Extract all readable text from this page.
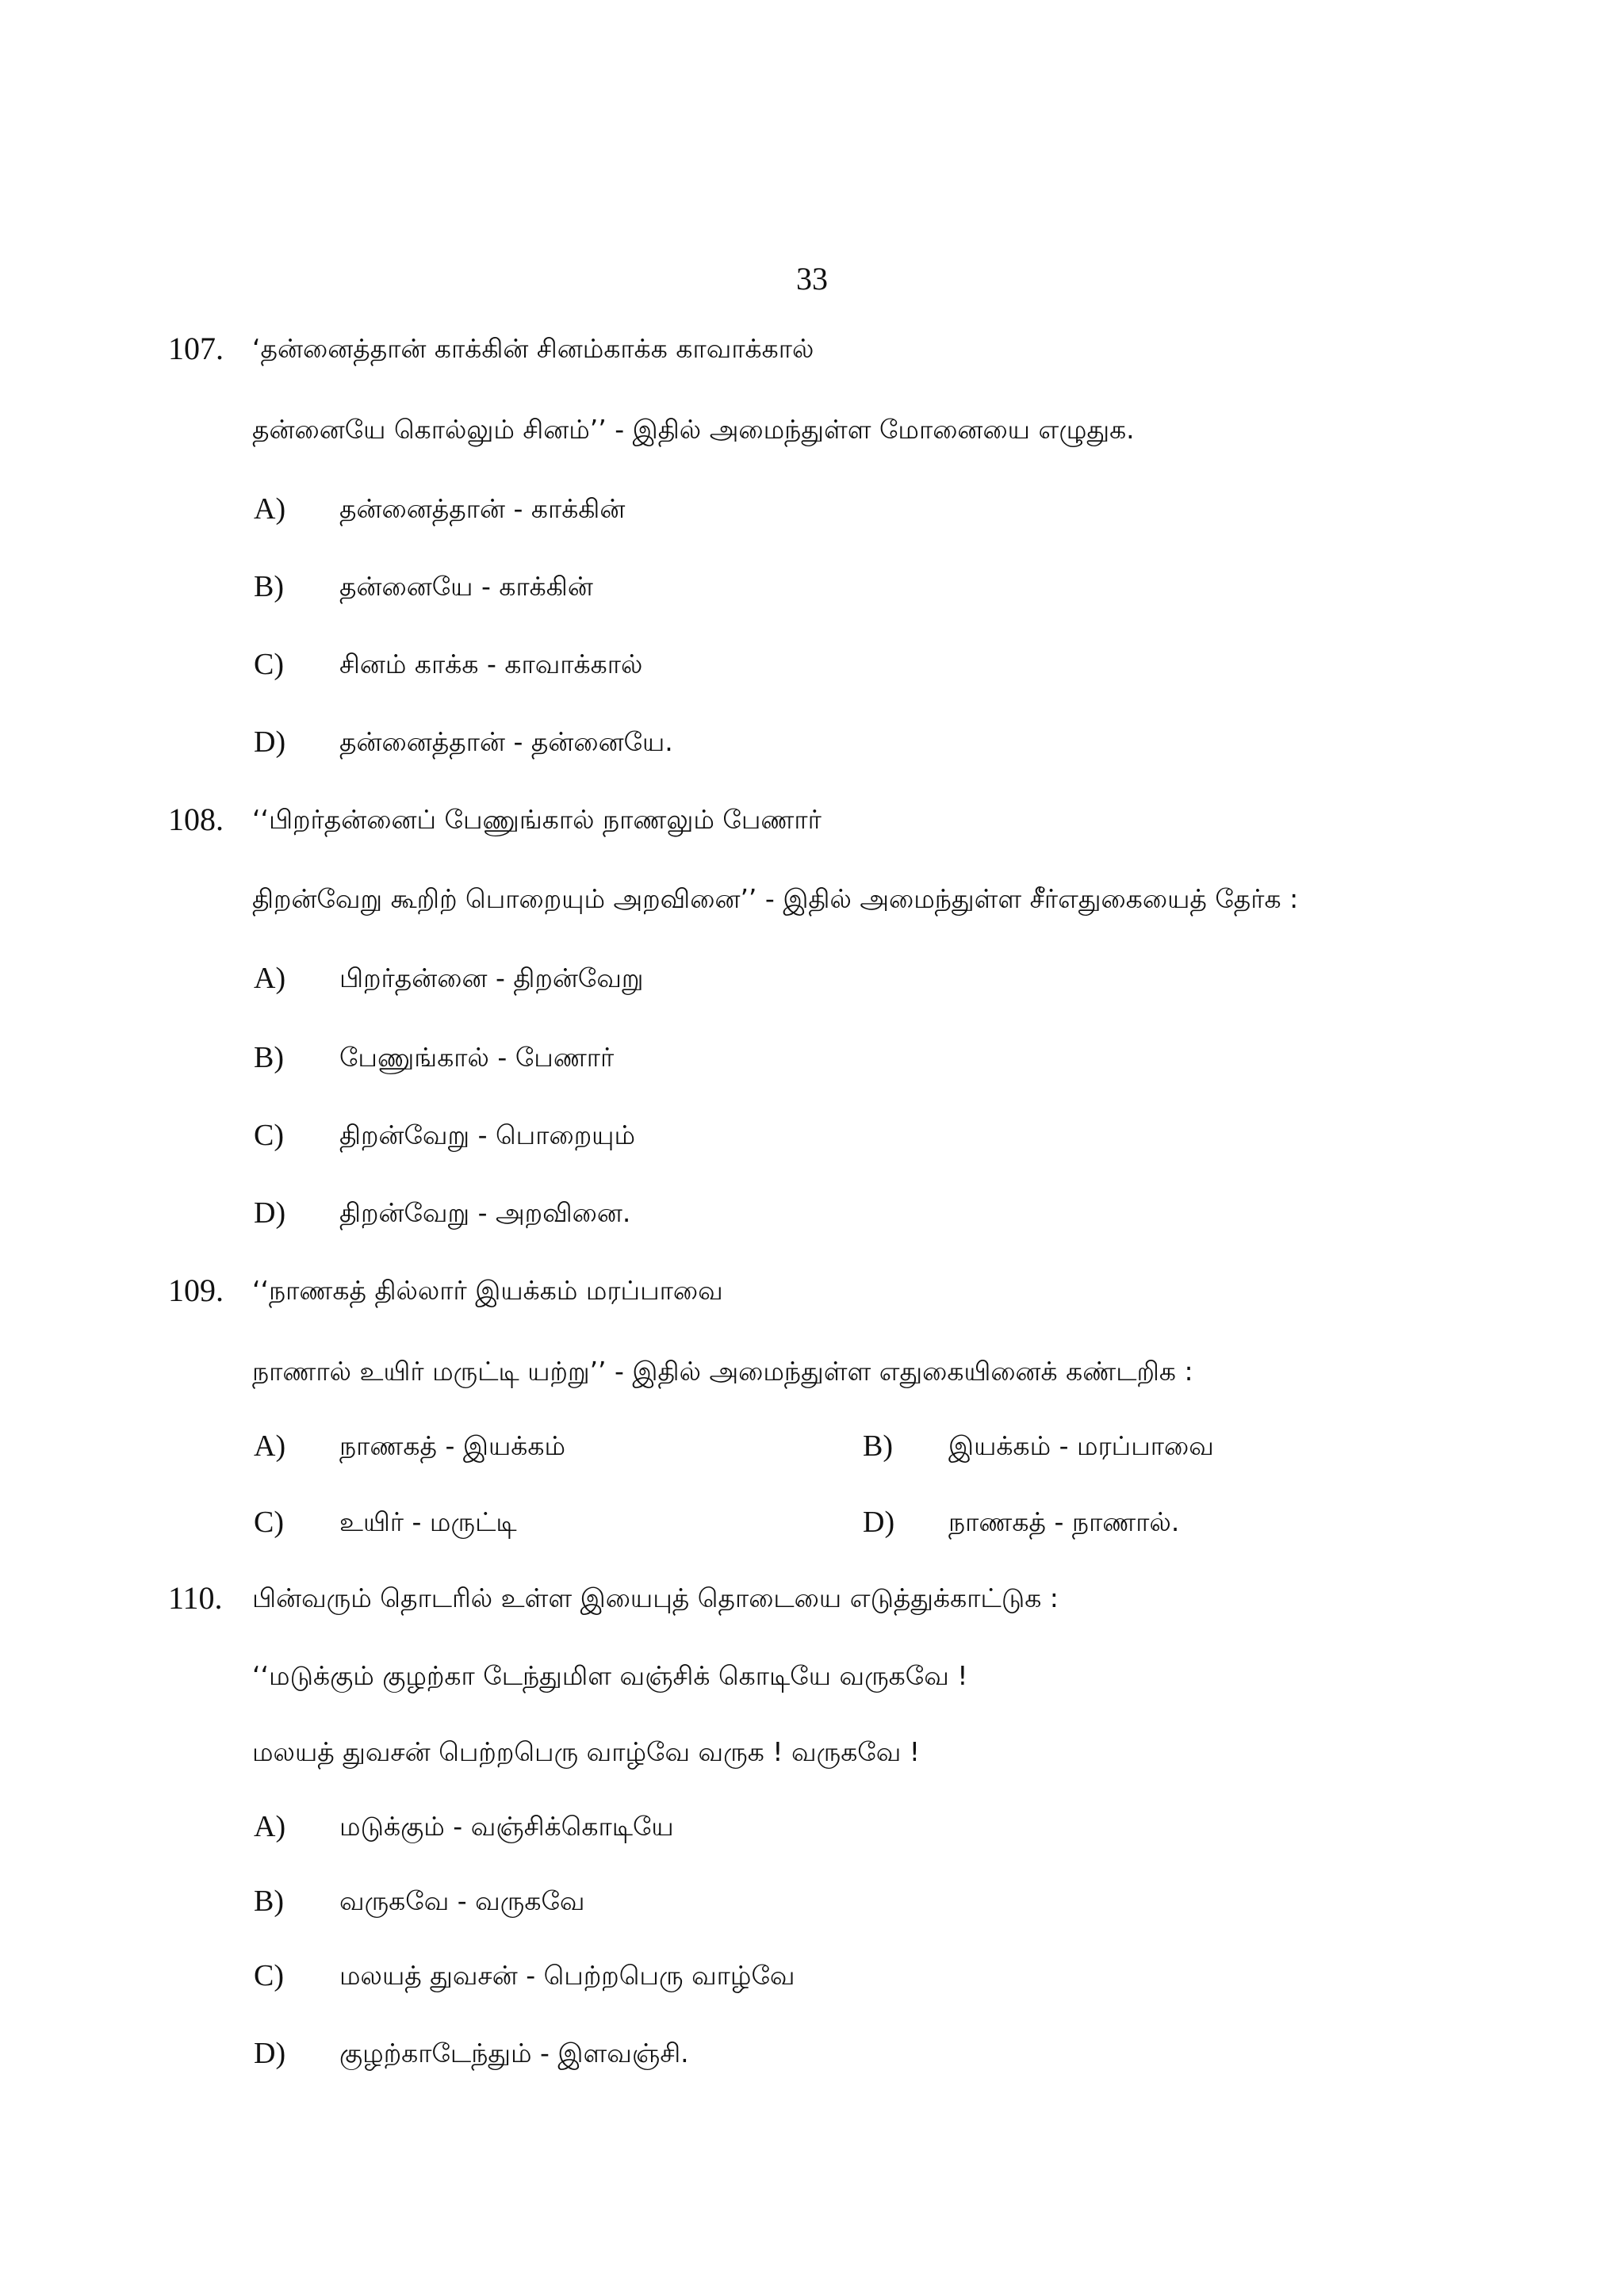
33
107.	‘தன்னைத்தான் காக்கின் சினம்காக்க காவாக்கால்
தன்னையே கொல்லும் சினம்’’ - இதில் அமைந்துள்ள மோனையை எழுதுக.
A)	தன்னைத்தான் - காக்கின்
B)	தன்னையே - காக்கின்
C)	சினம் காக்க - காவாக்கால்
D)	தன்னைத்தான் - தன்னையே.
108.	‘‘பிறர்தன்னைப் பேணுங்கால் நாணலும் பேணார்
திறன்வேறு கூறிற் பொறையும் அறவினை’’ - இதில் அமைந்துள்ள சீர்எதுகையைத் தேர்க :
A)	பிறர்தன்னை - திறன்வேறு
B)	பேணுங்கால் - பேணார்
C)	திறன்வேறு - பொறையும்
D)	திறன்வேறு - அறவினை.
109.	‘‘நாணகத் தில்லார் இயக்கம் மரப்பாவை
நாணால் உயிர் மருட்டி யற்று’’ - இதில் அமைந்துள்ள எதுகையினைக் கண்டறிக :
A)	நாணகத் - இயக்கம்	B)	இயக்கம் - மரப்பாவை
C)	உயிர் - மருட்டி	D)	நாணகத் - நாணால்.
110.	பின்வரும் தொடரில் உள்ள இயைபுத் தொடையை எடுத்துக்காட்டுக :
‘‘மடுக்கும் குழற்கா டேந்துமிள வஞ்சிக் கொடியே வருகவே !
மலயத் துவசன் பெற்றபெரு வாழ்வே வருக ! வருகவே !
A)	மடுக்கும் - வஞ்சிக்கொடியே
B)	வருகவே - வருகவே
C)	மலயத் துவசன் - பெற்றபெரு வாழ்வே
D)	குழற்காடேந்தும் - இளவஞ்சி.
